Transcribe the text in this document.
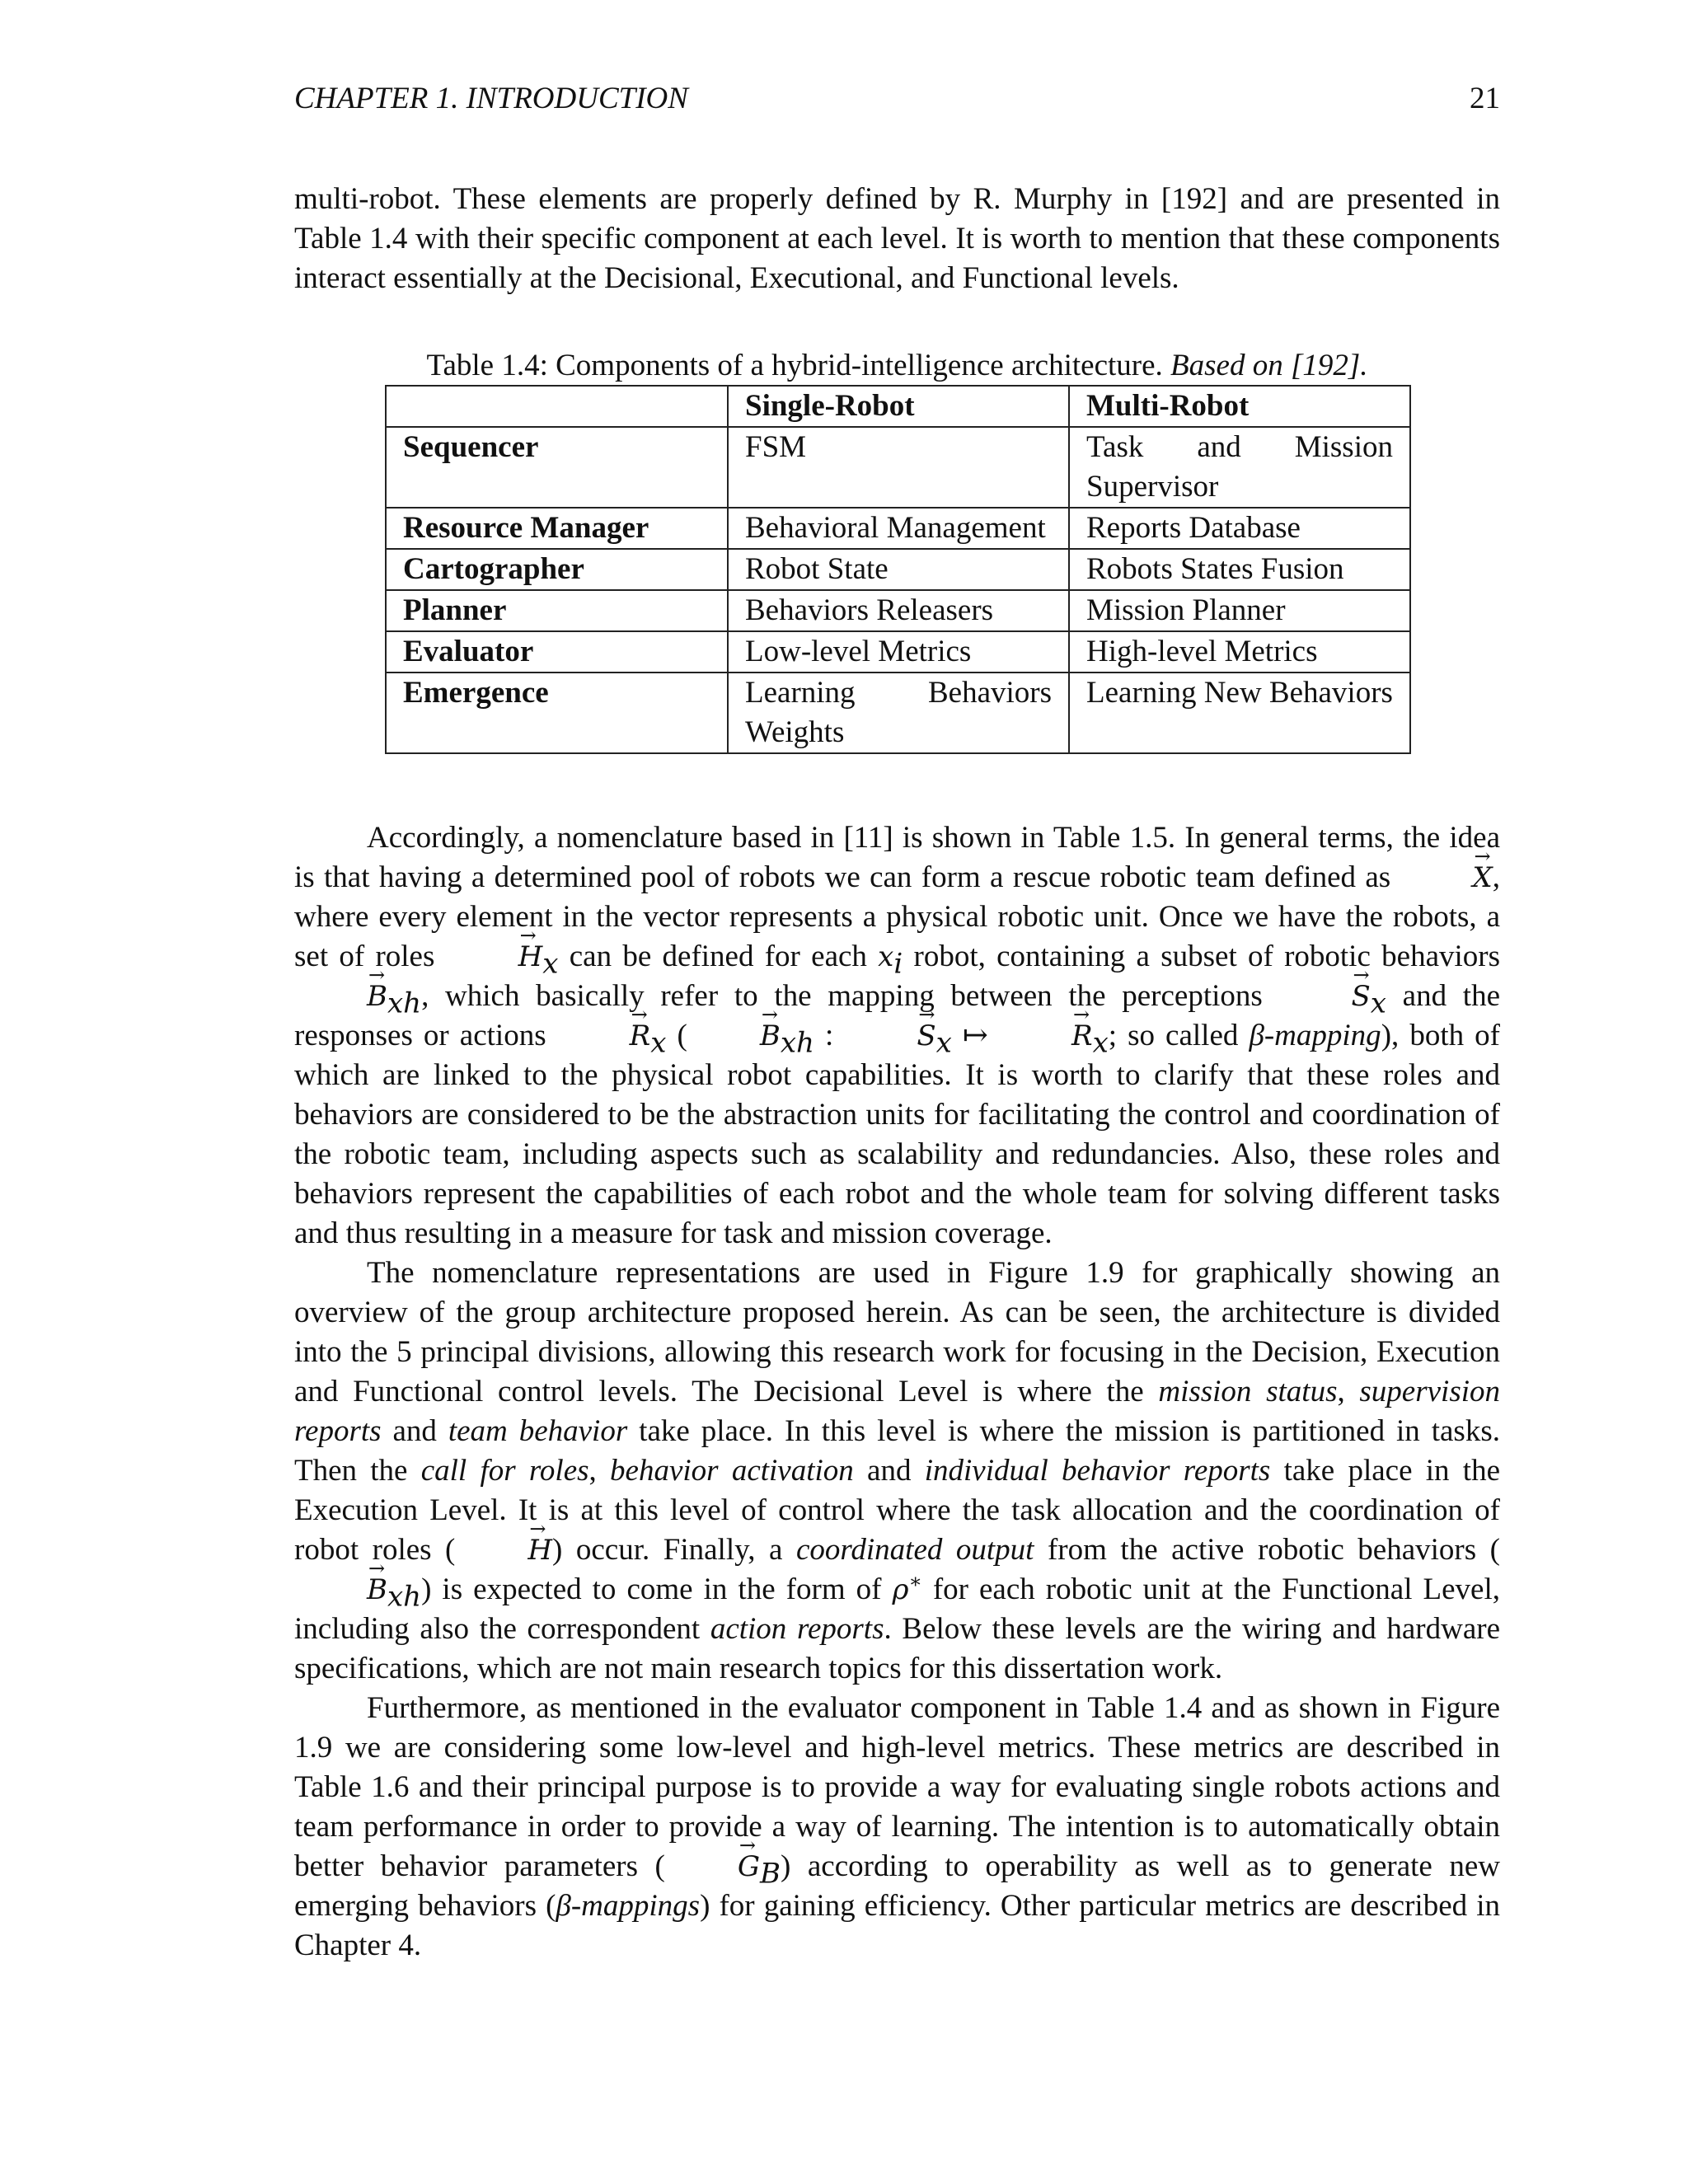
CHAPTER 1. INTRODUCTION	21

multi-robot. These elements are properly defined by R. Murphy in [192] and are presented in Table 1.4 with their specific component at each level. It is worth to mention that these components interact essentially at the Decisional, Executional, and Functional levels.

Table 1.4: Components of a hybrid-intelligence architecture. Based on [192].
	Single-Robot	Multi-Robot
Sequencer	FSM	Task and Mission Supervisor
Resource Manager	Behavioral Management	Reports Database
Cartographer	Robot State	Robots States Fusion
Planner	Behaviors Releasers	Mission Planner
Evaluator	Low-level Metrics	High-level Metrics
Emergence	Learning Behaviors Weights	Learning New Behaviors

Accordingly, a nomenclature based in [11] is shown in Table 1.5. In general terms, the idea is that having a determined pool of robots we can form a rescue robotic team defined as	→ X, where every element in the vector represents a physical robotic unit. Once we have the robots, a set of roles	→ $H_x$ can be defined for each $x_i$ robot, containing a subset of robotic behaviors → $B_{xh}$, which basically refer to the mapping between the perceptions	→ $S_x$ and the responses or actions	→ $R_x$ (	→ $B_{xh}$ :	→ $S_x$ ↦	→ $R_x$; so called β-mapping), both of which are linked to the physical robot capabilities. It is worth to clarify that these roles and behaviors are considered to be the abstraction units for facilitating the control and coordination of the robotic team, including aspects such as scalability and redundancies. Also, these roles and behaviors represent the capabilities of each robot and the whole team for solving different tasks and thus resulting in a measure for task and mission coverage.

The nomenclature representations are used in Figure 1.9 for graphically showing an overview of the group architecture proposed herein. As can be seen, the architecture is divided into the 5 principal divisions, allowing this research work for focusing in the Decision, Execution and Functional control levels. The Decisional Level is where the mission status, supervision reports and team behavior take place. In this level is where the mission is partitioned in tasks. Then the call for roles, behavior activation and individual behavior reports take place in the Execution Level. It is at this level of control where the task allocation and the coordination of robot roles (	→ H) occur. Finally, a coordinated output from the active robotic behaviors (→ $B_{xh}$) is expected to come in the form of ρ∗ for each robotic unit at the Functional Level, including also the correspondent action reports. Below these levels are the wiring and hardware specifications, which are not main research topics for this dissertation work.

Furthermore, as mentioned in the evaluator component in Table 1.4 and as shown in Figure 1.9 we are considering some low-level and high-level metrics. These metrics are described in Table 1.6 and their principal purpose is to provide a way for evaluating single robots actions and team performance in order to provide a way of learning. The intention is to automatically obtain better behavior parameters (	→ $G_B$) according to operability as well as to generate new emerging behaviors (β-mappings) for gaining efficiency. Other particular metrics are described in Chapter 4.
